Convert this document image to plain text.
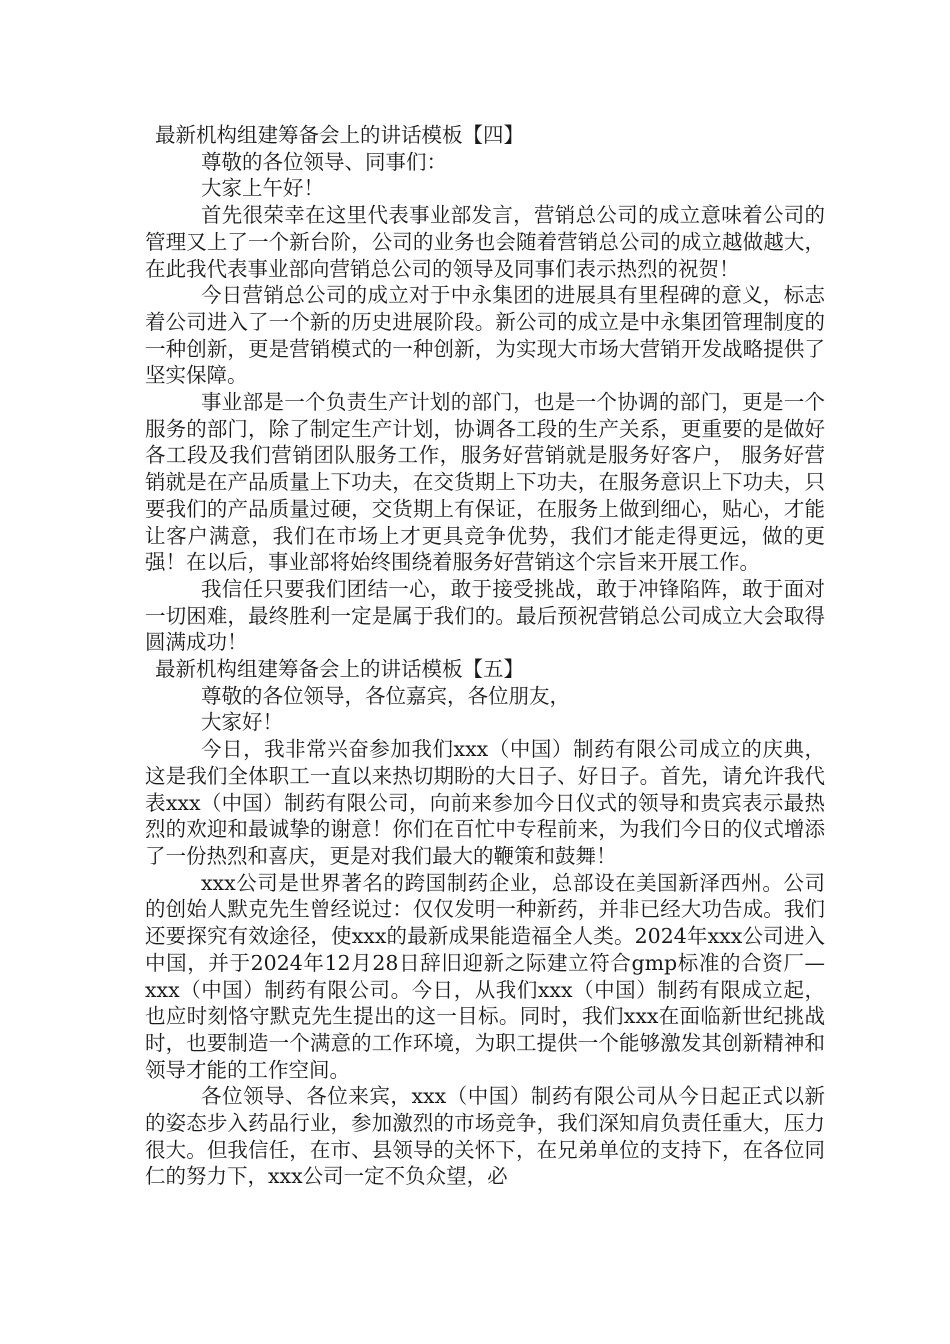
最新机构组建筹备会上的讲话模板【四】

尊敬的各位领导、同事们：

大家上午好！

首先很荣幸在这里代表事业部发言，营销总公司的成立意味着公司的管理又上了一个新台阶，公司的业务也会随着营销总公司的成立越做越大，在此我代表事业部向营销总公司的领导及同事们表示热烈的祝贺！

今日营销总公司的成立对于中永集团的进展具有里程碑的意义，标志着公司进入了一个新的历史进展阶段。新公司的成立是中永集团管理制度的一种创新，更是营销模式的一种创新，为实现大市场大营销开发战略提供了坚实保障。

事业部是一个负责生产计划的部门，也是一个协调的部门，更是一个服务的部门，除了制定生产计划，协调各工段的生产关系，更重要的是做好各工段及我们营销团队服务工作，服务好营销就是服务好客户， 服务好营销就是在产品质量上下功夫，在交货期上下功夫，在服务意识上下功夫，只要我们的产品质量过硬，交货期上有保证，在服务上做到细心，贴心，才能让客户满意，我们在市场上才更具竞争优势，我们才能走得更远，做的更强！在以后，事业部将始终围绕着服务好营销这个宗旨来开展工作。

我信任只要我们团结一心，敢于接受挑战，敢于冲锋陷阵，敢于面对一切困难，最终胜利一定是属于我们的。最后预祝营销总公司成立大会取得圆满成功！

最新机构组建筹备会上的讲话模板【五】

尊敬的各位领导，各位嘉宾，各位朋友，

大家好！

今日，我非常兴奋参加我们xxx（中国）制药有限公司成立的庆典，这是我们全体职工一直以来热切期盼的大日子、好日子。首先，请允许我代表xxx（中国）制药有限公司，向前来参加今日仪式的领导和贵宾表示最热烈的欢迎和最诚挚的谢意！你们在百忙中专程前来，为我们今日的仪式增添了一份热烈和喜庆，更是对我们最大的鞭策和鼓舞！

xxx公司是世界著名的跨国制药企业，总部设在美国新泽西州。公司的创始人默克先生曾经说过：仅仅发明一种新药，并非已经大功告成。我们还要探究有效途径，使xxx的最新成果能造福全人类。2024年xxx公司进入中国，并于2024年12月28日辞旧迎新之际建立符合gmp标准的合资厂—xxx（中国）制药有限公司。今日，从我们xxx（中国）制药有限成立起，也应时刻恪守默克先生提出的这一目标。同时，我们xxx在面临新世纪挑战时，也要制造一个满意的工作环境，为职工提供一个能够激发其创新精神和领导才能的工作空间。

各位领导、各位来宾，xxx（中国）制药有限公司从今日起正式以新的姿态步入药品行业，参加激烈的市场竞争，我们深知肩负责任重大，压力很大。但我信任，在市、县领导的关怀下，在兄弟单位的支持下，在各位同仁的努力下，xxx公司一定不负众望，必
